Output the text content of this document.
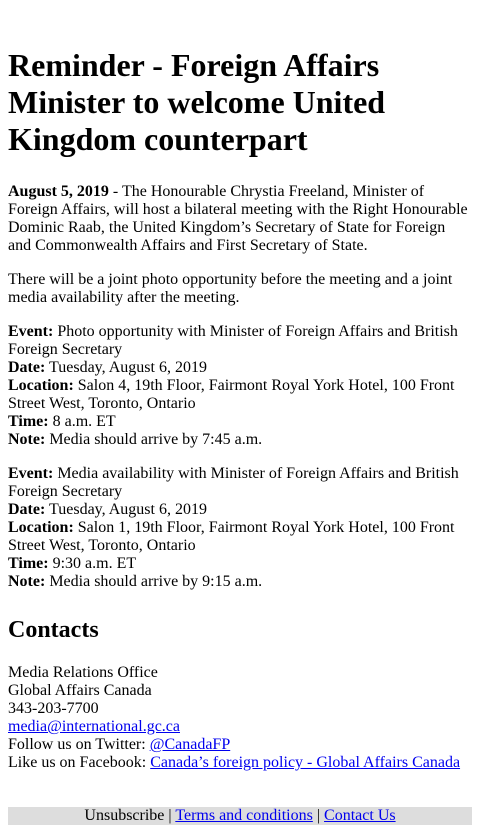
Reminder - Foreign Affairs Minister to welcome United Kingdom counterpart

August 5, 2019 - The Honourable Chrystia Freeland, Minister of Foreign Affairs, will host a bilateral meeting with the Right Honourable Dominic Raab, the United Kingdom’s Secretary of State for Foreign and Commonwealth Affairs and First Secretary of State.

There will be a joint photo opportunity before the meeting and a joint media availability after the meeting.

Event: Photo opportunity with Minister of Foreign Affairs and British Foreign Secretary
Date: Tuesday, August 6, 2019
Location: Salon 4, 19th Floor, Fairmont Royal York Hotel, 100 Front Street West, Toronto, Ontario
Time: 8 a.m. ET
Note: Media should arrive by 7:45 a.m.
Event: Media availability with Minister of Foreign Affairs and British Foreign Secretary
Date: Tuesday, August 6, 2019
Location: Salon 1, 19th Floor, Fairmont Royal York Hotel, 100 Front Street West, Toronto, Ontario
Time: 9:30 a.m. ET
Note: Media should arrive by 9:15 a.m.
Contacts
Media Relations Office
Global Affairs Canada
343-203-7700
media@international.gc.ca
Follow us on Twitter: @CanadaFP
Like us on Facebook: Canada’s foreign policy - Global Affairs Canada
Unsubscribe | Terms and conditions | Contact Us
